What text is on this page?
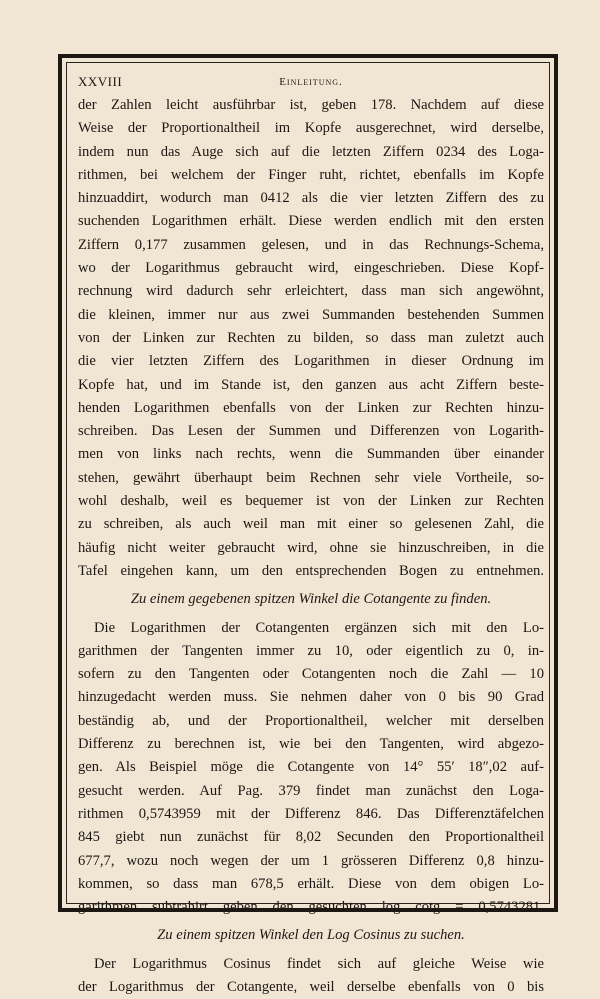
XXVIII	Einleitung.
der Zahlen leicht ausführbar ist, geben 178. Nachdem auf diese
Weise der Proportionaltheil im Kopfe ausgerechnet, wird derselbe,
indem nun das Auge sich auf die letzten Ziffern 0234 des Loga-
rithmen, bei welchem der Finger ruht, richtet, ebenfalls im Kopfe
hinzuaddirt, wodurch man 0412 als die vier letzten Ziffern des zu
suchenden Logarithmen erhält. Diese werden endlich mit den ersten
Ziffern 0,177 zusammen gelesen, und in das Rechnungs-Schema,
wo der Logarithmus gebraucht wird, eingeschrieben. Diese Kopf-
rechnung wird dadurch sehr erleichtert, dass man sich angewöhnt,
die kleinen, immer nur aus zwei Summanden bestehenden Summen
von der Linken zur Rechten zu bilden, so dass man zuletzt auch
die vier letzten Ziffern des Logarithmen in dieser Ordnung im
Kopfe hat, und im Stande ist, den ganzen aus acht Ziffern beste-
henden Logarithmen ebenfalls von der Linken zur Rechten hinzu-
schreiben. Das Lesen der Summen und Differenzen von Logarith-
men von links nach rechts, wenn die Summanden über einander
stehen, gewährt überhaupt beim Rechnen sehr viele Vortheile, so-
wohl deshalb, weil es bequemer ist von der Linken zur Rechten
zu schreiben, als auch weil man mit einer so gelesenen Zahl, die
häufig nicht weiter gebraucht wird, ohne sie hinzuschreiben, in die
Tafel eingehen kann, um den entsprechenden Bogen zu entnehmen.
Zu einem gegebenen spitzen Winkel die Cotangente zu finden.
Die Logarithmen der Cotangenten ergänzen sich mit den Lo-
garithmen der Tangenten immer zu 10, oder eigentlich zu 0, in-
sofern zu den Tangenten oder Cotangenten noch die Zahl — 10
hinzugedacht werden muss. Sie nehmen daher von 0 bis 90 Grad
beständig ab, und der Proportionaltheil, welcher mit derselben
Differenz zu berechnen ist, wie bei den Tangenten, wird abgezo-
gen. Als Beispiel möge die Cotangente von 14° 55′ 18″,02 auf-
gesucht werden. Auf Pag. 379 findet man zunächst den Loga-
rithmen 0,5743959 mit der Differenz 846. Das Differenztäfelchen
845 giebt nun zunächst für 8,02 Secunden den Proportionaltheil
677,7, wozu noch wegen der um 1 grösseren Differenz 0,8 hinzu-
kommen, so dass man 678,5 erhält. Diese von dem obigen Lo-
garithmen subtrahirt geben den gesuchten log cotg = 0,5743281.
Zu einem spitzen Winkel den Log Cosinus zu suchen.
Der Logarithmus Cosinus findet sich auf gleiche Weise wie
der Logarithmus der Cotangente, weil derselbe ebenfalls von 0 bis
